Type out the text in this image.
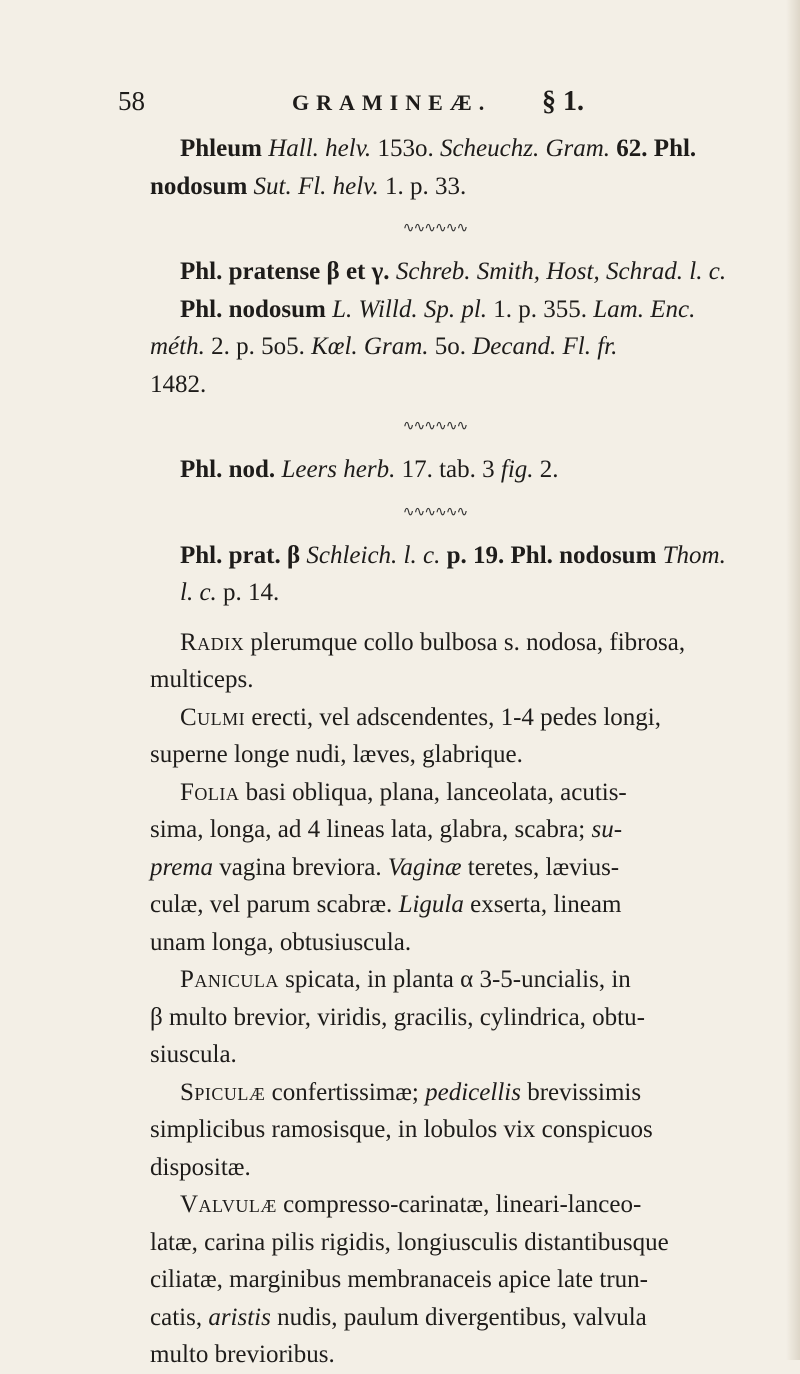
58	GRAMINEÆ. § 1.
Phleum Hall. helv. 153o. Scheuchz. Gram. 62. Phl.
nodosum Sut. Fl. helv. 1. p. 33.
∿∿∿∿∿∿
Phl. pratense β et γ. Schreb. Smith, Host, Schrad. l. c.
Phl. nodosum L. Willd. Sp. pl. 1. p. 355. Lam. Enc.
méth. 2. p. 5o5. Kœl. Gram. 5o. Decand. Fl. fr.
1482.
∿∿∿∿∿∿
Phl. nod. Leers herb. 17. tab. 3 fig. 2.
∿∿∿∿∿∿
Phl. prat. β Schleich. l. c. p. 19. Phl. nodosum Thom.
l. c. p. 14.
Radix plerumque collo bulbosa s. nodosa, fibrosa,
multiceps.
Culmi erecti, vel adscendentes, 1-4 pedes longi,
superne longe nudi, læves, glabrique.
Folia basi obliqua, plana, lanceolata, acutis-
sima, longa, ad 4 lineas lata, glabra, scabra; su-
prema vagina breviora. Vaginæ teretes, lævius-
culæ, vel parum scabræ. Ligula exserta, lineam
unam longa, obtusiuscula.
Panicula spicata, in planta α 3-5-uncialis, in
β multo brevior, viridis, gracilis, cylindrica, obtu-
siuscula.
Spiculæ confertissimæ; pedicellis brevissimis
simplicibus ramosisque, in lobulos vix conspicuos
dispositæ.
Valvulæ compresso-carinatæ, lineari-lanceo-
latæ, carina pilis rigidis, longiusculis distantibusque
ciliatæ, marginibus membranaceis apice late trun-
catis, aristis nudis, paulum divergentibus, valvula
multo brevioribus.
